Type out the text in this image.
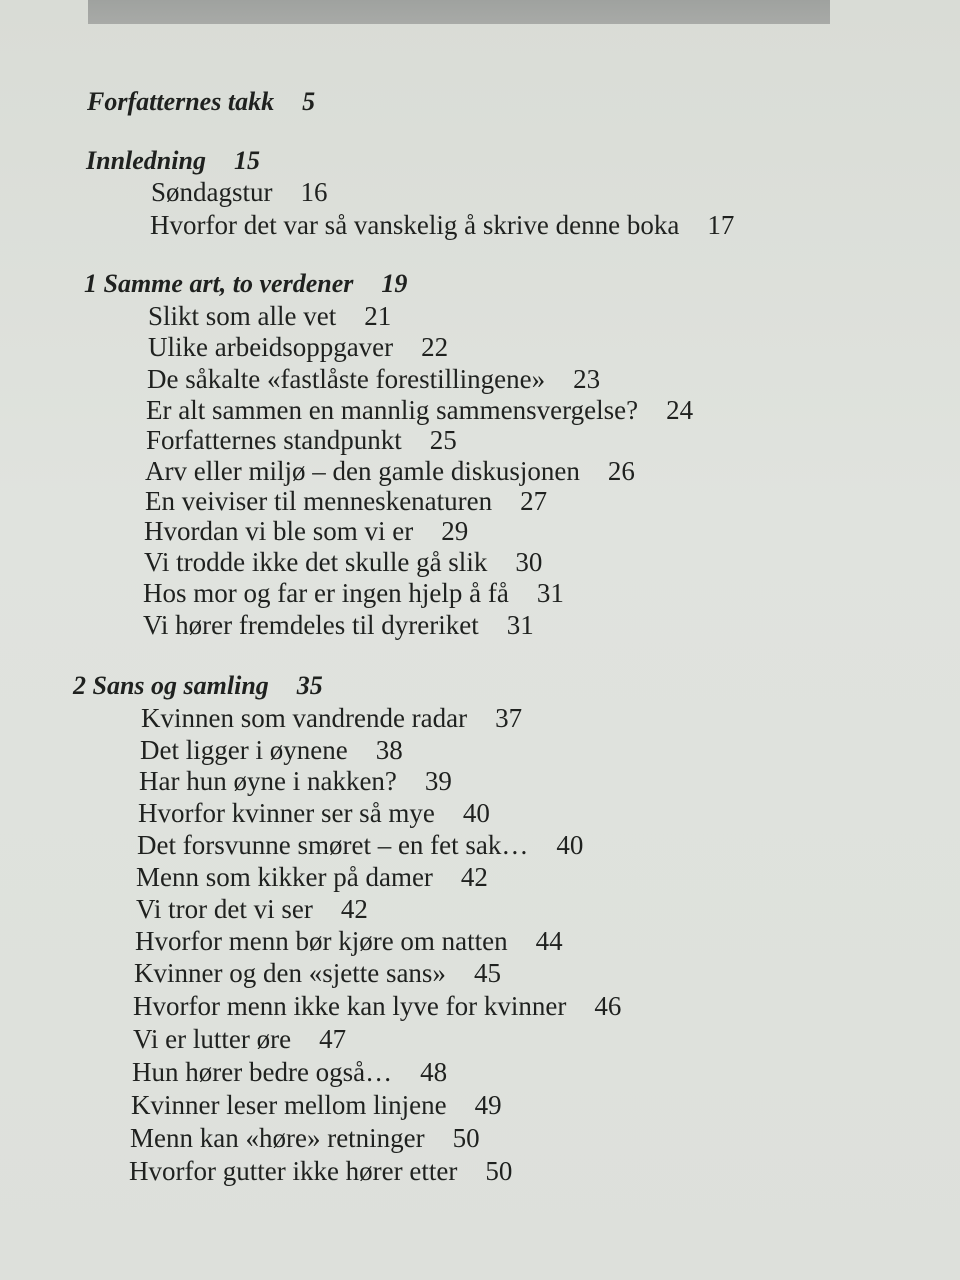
Forfatternes takk 5
Innledning 15
Søndagstur 16
Hvorfor det var så vanskelig å skrive denne boka 17
1 Samme art, to verdener 19
Slikt som alle vet 21
Ulike arbeidsoppgaver 22
De såkalte «fastlåste forestillingene» 23
Er alt sammen en mannlig sammensvergelse? 24
Forfatternes standpunkt 25
Arv eller miljø – den gamle diskusjonen 26
En veiviser til menneskenaturen 27
Hvordan vi ble som vi er 29
Vi trodde ikke det skulle gå slik 30
Hos mor og far er ingen hjelp å få 31
Vi hører fremdeles til dyreriket 31
2 Sans og samling 35
Kvinnen som vandrende radar 37
Det ligger i øynene 38
Har hun øyne i nakken? 39
Hvorfor kvinner ser så mye 40
Det forsvunne smøret – en fet sak… 40
Menn som kikker på damer 42
Vi tror det vi ser 42
Hvorfor menn bør kjøre om natten 44
Kvinner og den «sjette sans» 45
Hvorfor menn ikke kan lyve for kvinner 46
Vi er lutter øre 47
Hun hører bedre også… 48
Kvinner leser mellom linjene 49
Menn kan «høre» retninger 50
Hvorfor gutter ikke hører etter 50
